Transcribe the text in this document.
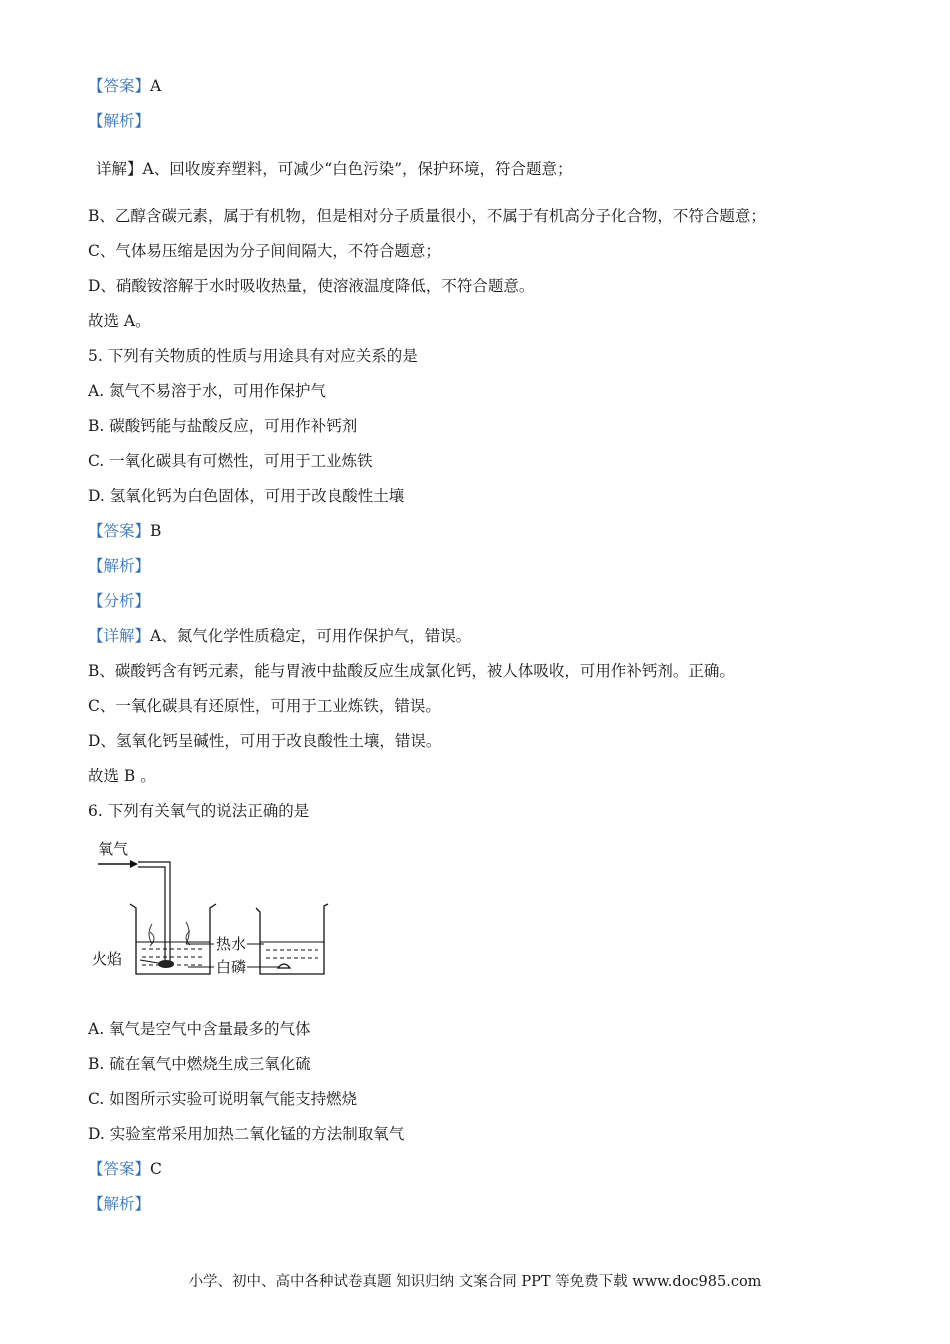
【答案】A
【解析】
详解】A、回收废弃塑料，可减少“白色污染”，保护环境，符合题意；
B、乙醇含碳元素，属于有机物，但是相对分子质量很小，不属于有机高分子化合物，不符合题意；
C、气体易压缩是因为分子间间隔大，不符合题意；
D、硝酸铵溶解于水时吸收热量，使溶液温度降低，不符合题意。
故选 A。
5. 下列有关物质的性质与用途具有对应关系的是
A. 氮气不易溶于水，可用作保护气
B. 碳酸钙能与盐酸反应，可用作补钙剂
C. 一氧化碳具有可燃性，可用于工业炼铁
D. 氢氧化钙为白色固体，可用于改良酸性土壤
【答案】B
【解析】
【分析】
【详解】A、氮气化学性质稳定，可用作保护气，错误。
B、碳酸钙含有钙元素，能与胃液中盐酸反应生成氯化钙，被人体吸收，可用作补钙剂。正确。
C、一氧化碳具有还原性，可用于工业炼铁，错误。
D、氢氧化钙呈碱性，可用于改良酸性土壤，错误。
故选 B 。
6. 下列有关氧气的说法正确的是
氧气
火焰
热水
白磷
A. 氧气是空气中含量最多的气体
B. 硫在氧气中燃烧生成三氧化硫
C. 如图所示实验可说明氧气能支持燃烧
D. 实验室常采用加热二氧化锰的方法制取氧气
【答案】C
【解析】
小学、初中、高中各种试卷真题 知识归纳 文案合同 PPT 等免费下载 www.doc985.com
